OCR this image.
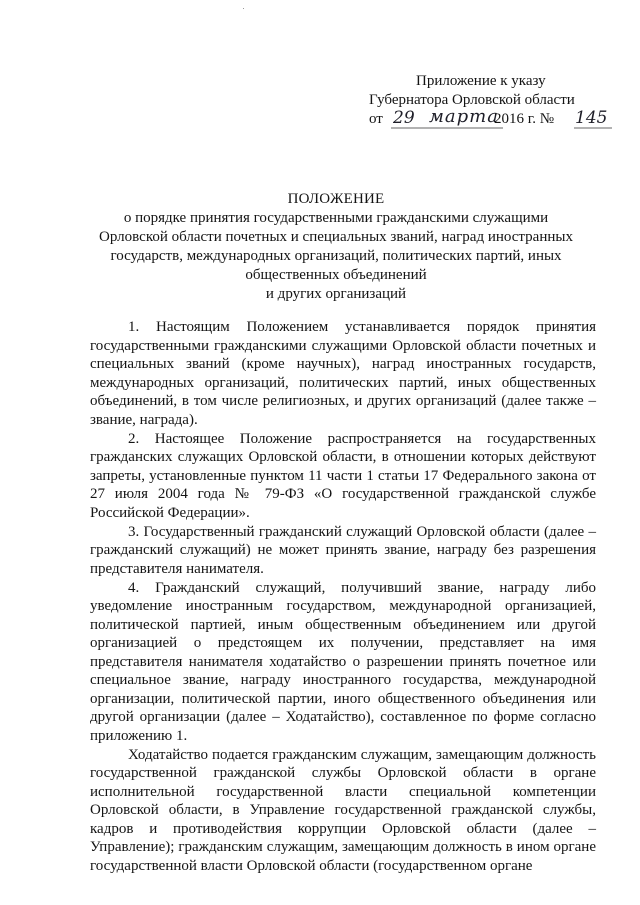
Приложение к указу
Губернатора Орловской области
от 29 марта
2016 г. № 145
ПОЛОЖЕНИЕ
о порядке принятия государственными гражданскими служащими
Орловской области почетных и специальных званий, наград иностранных
государств, международных организаций, политических партий, иных
общественных объединений
и других организаций

1. Настоящим Положением устанавливается порядок принятия государственными гражданскими служащими Орловской области почетных и специальных званий (кроме научных), наград иностранных государств, международных организаций, политических партий, иных общественных объединений, в том числе религиозных, и других организаций (далее также – звание, награда).

2. Настоящее Положение распространяется на государственных гражданских служащих Орловской области, в отношении которых действуют запреты, установленные пунктом 11 части 1 статьи 17 Федерального закона от 27 июля 2004 года № 79-ФЗ «О государственной гражданской службе Российской Федерации».

3. Государственный гражданский служащий Орловской области (далее – гражданский служащий) не может принять звание, награду без разрешения представителя нанимателя.

4. Гражданский служащий, получивший звание, награду либо уведомление иностранным государством, международной организацией, политической партией, иным общественным объединением или другой организацией о предстоящем их получении, представляет на имя представителя нанимателя ходатайство о разрешении принять почетное или специальное звание, награду иностранного государства, международной организации, политической партии, иного общественного объединения или другой организации (далее – Ходатайство), составленное по форме согласно приложению 1.

Ходатайство подается гражданским служащим, замещающим должность государственной гражданской службы Орловской области в органе исполнительной государственной власти специальной компетенции Орловской области, в Управление государственной гражданской службы, кадров и противодействия коррупции Орловской области (далее – Управление); гражданским служащим, замещающим должность в ином органе государственной власти Орловской области (государственном органе
